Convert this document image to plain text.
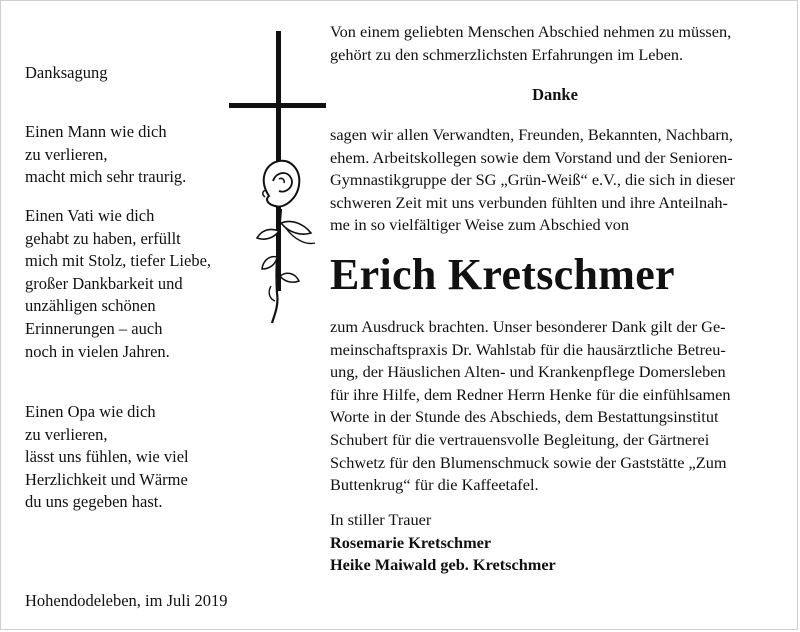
Danksagung
Einen Mann wie dich
zu verlieren,
macht mich sehr traurig.
Einen Vati wie dich
gehabt zu haben, erfüllt
mich mit Stolz, tiefer Liebe,
großer Dankbarkeit und
unzähligen schönen
Erinnerungen – auch
noch in vielen Jahren.
Einen Opa wie dich
zu verlieren,
lässt uns fühlen, wie viel
Herzlichkeit und Wärme
du uns gegeben hast.
Hohendodeleben, im Juli 2019
Von einem geliebten Menschen Abschied nehmen zu müssen,
gehört zu den schmerzlichsten Erfahrungen im Leben.
Danke
sagen wir allen Verwandten, Freunden, Bekannten, Nachbarn,
ehem. Arbeitskollegen sowie dem Vorstand und der Senioren-
Gymnastikgruppe der SG „Grün-Weiß“ e.V., die sich in dieser
schweren Zeit mit uns verbunden fühlten und ihre Anteilnah-
me in so vielfältiger Weise zum Abschied von
Erich Kretschmer
zum Ausdruck brachten. Unser besonderer Dank gilt der Ge-
meinschaftspraxis Dr. Wahlstab für die hausärztliche Betreu-
ung, der Häuslichen Alten- und Krankenpflege Domersleben
für ihre Hilfe, dem Redner Herrn Henke für die einfühlsamen
Worte in der Stunde des Abschieds, dem Bestattungsinstitut
Schubert für die vertrauensvolle Begleitung, der Gärtnerei
Schwetz für den Blumenschmuck sowie der Gaststätte „Zum
Buttenkrug“ für die Kaffeetafel.
In stiller Trauer
Rosemarie Kretschmer
Heike Maiwald geb. Kretschmer
